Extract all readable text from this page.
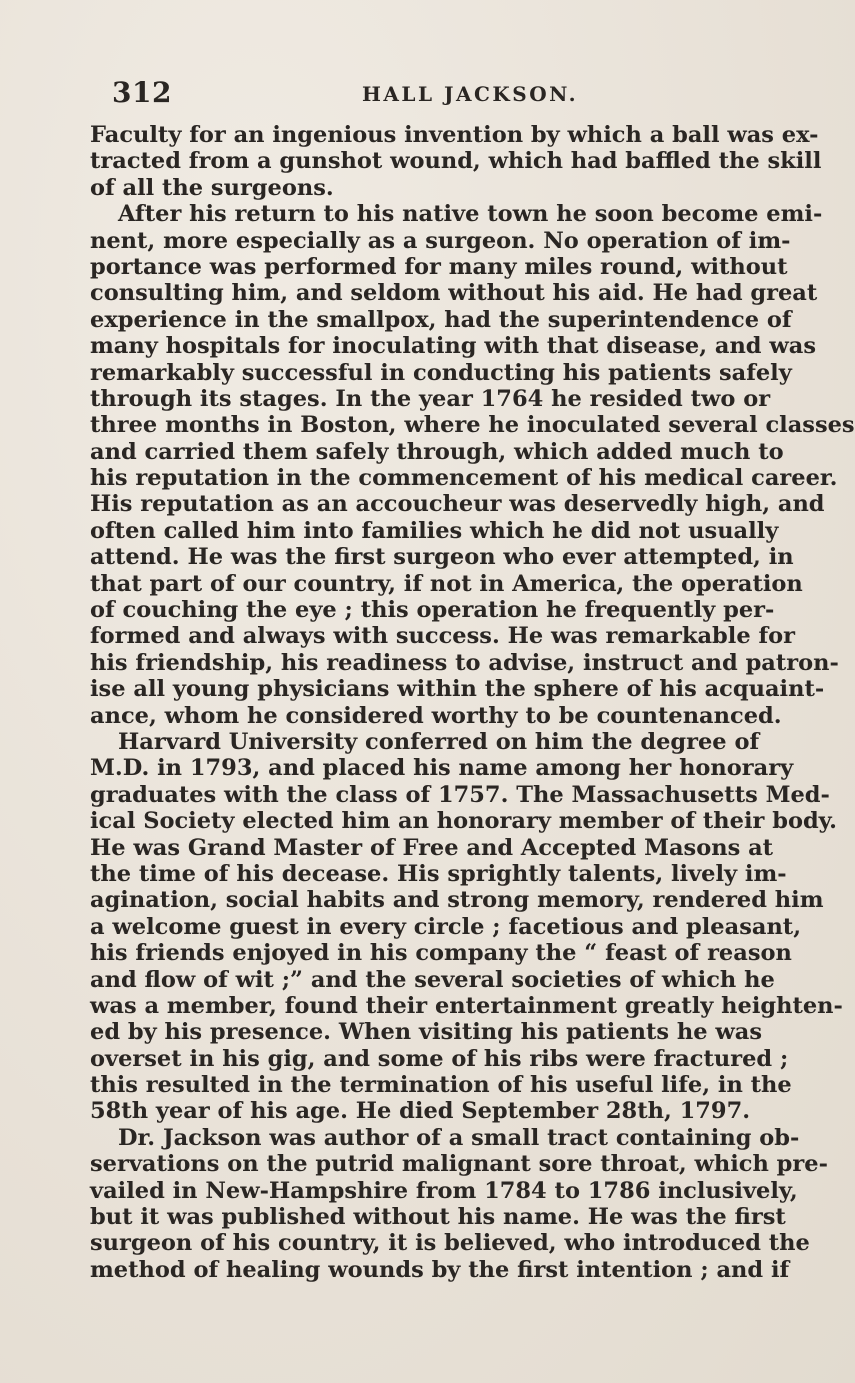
312	HALL JACKSON.
Faculty for an ingenious invention by which a ball was ex-
tracted from a gunshot wound, which had baffled the skill
of all the surgeons.
After his return to his native town he soon become emi-
nent, more especially as a surgeon. No operation of im-
portance was performed for many miles round, without
consulting him, and seldom without his aid. He had great
experience in the smallpox, had the superintendence of
many hospitals for inoculating with that disease, and was
remarkably successful in conducting his patients safely
through its stages. In the year 1764 he resided two or
three months in Boston, where he inoculated several classes
and carried them safely through, which added much to
his reputation in the commencement of his medical career.
His reputation as an accoucheur was deservedly high, and
often called him into families which he did not usually
attend. He was the first surgeon who ever attempted, in
that part of our country, if not in America, the operation
of couching the eye ; this operation he frequently per-
formed and always with success. He was remarkable for
his friendship, his readiness to advise, instruct and patron-
ise all young physicians within the sphere of his acquaint-
ance, whom he considered worthy to be countenanced.
Harvard University conferred on him the degree of
M.D. in 1793, and placed his name among her honorary
graduates with the class of 1757. The Massachusetts Med-
ical Society elected him an honorary member of their body.
He was Grand Master of Free and Accepted Masons at
the time of his decease. His sprightly talents, lively im-
agination, social habits and strong memory, rendered him
a welcome guest in every circle ; facetious and pleasant,
his friends enjoyed in his company the “ feast of reason
and flow of wit ;” and the several societies of which he
was a member, found their entertainment greatly heighten-
ed by his presence. When visiting his patients he was
overset in his gig, and some of his ribs were fractured ;
this resulted in the termination of his useful life, in the
58th year of his age. He died September 28th, 1797.
Dr. Jackson was author of a small tract containing ob-
servations on the putrid malignant sore throat, which pre-
vailed in New-Hampshire from 1784 to 1786 inclusively,
but it was published without his name. He was the first
surgeon of his country, it is believed, who introduced the
method of healing wounds by the first intention ; and if
